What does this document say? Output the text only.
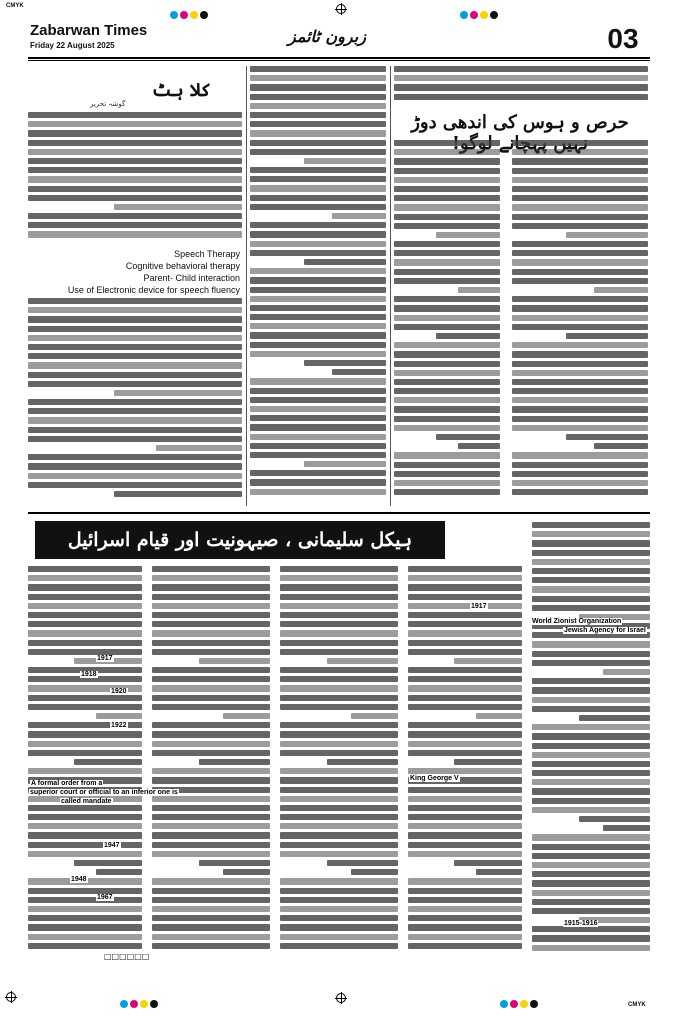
CMYK
Zabarwan Times
Friday 22 August 2025	زبرون ٹائمز	03
کلا ہٹ
گوشہ تحریر
Speech Therapy
Cognitive behavioral therapy
Parent- Child interaction
Use of Electronic device for speech fluency
حرص و ہوس کی اندھی دوڑ
ہیکل سلیمانی ، صیہونیت اور قیام اسرائیل
World Zionist Organization
Jewish Agency for Israel
King George V
A formal order from a
superior court or official to an inferior one is
called mandate
1917
1917
1918
1920
1922
1947
1948
1967
1915-1916
□□□□□□
CMYK
